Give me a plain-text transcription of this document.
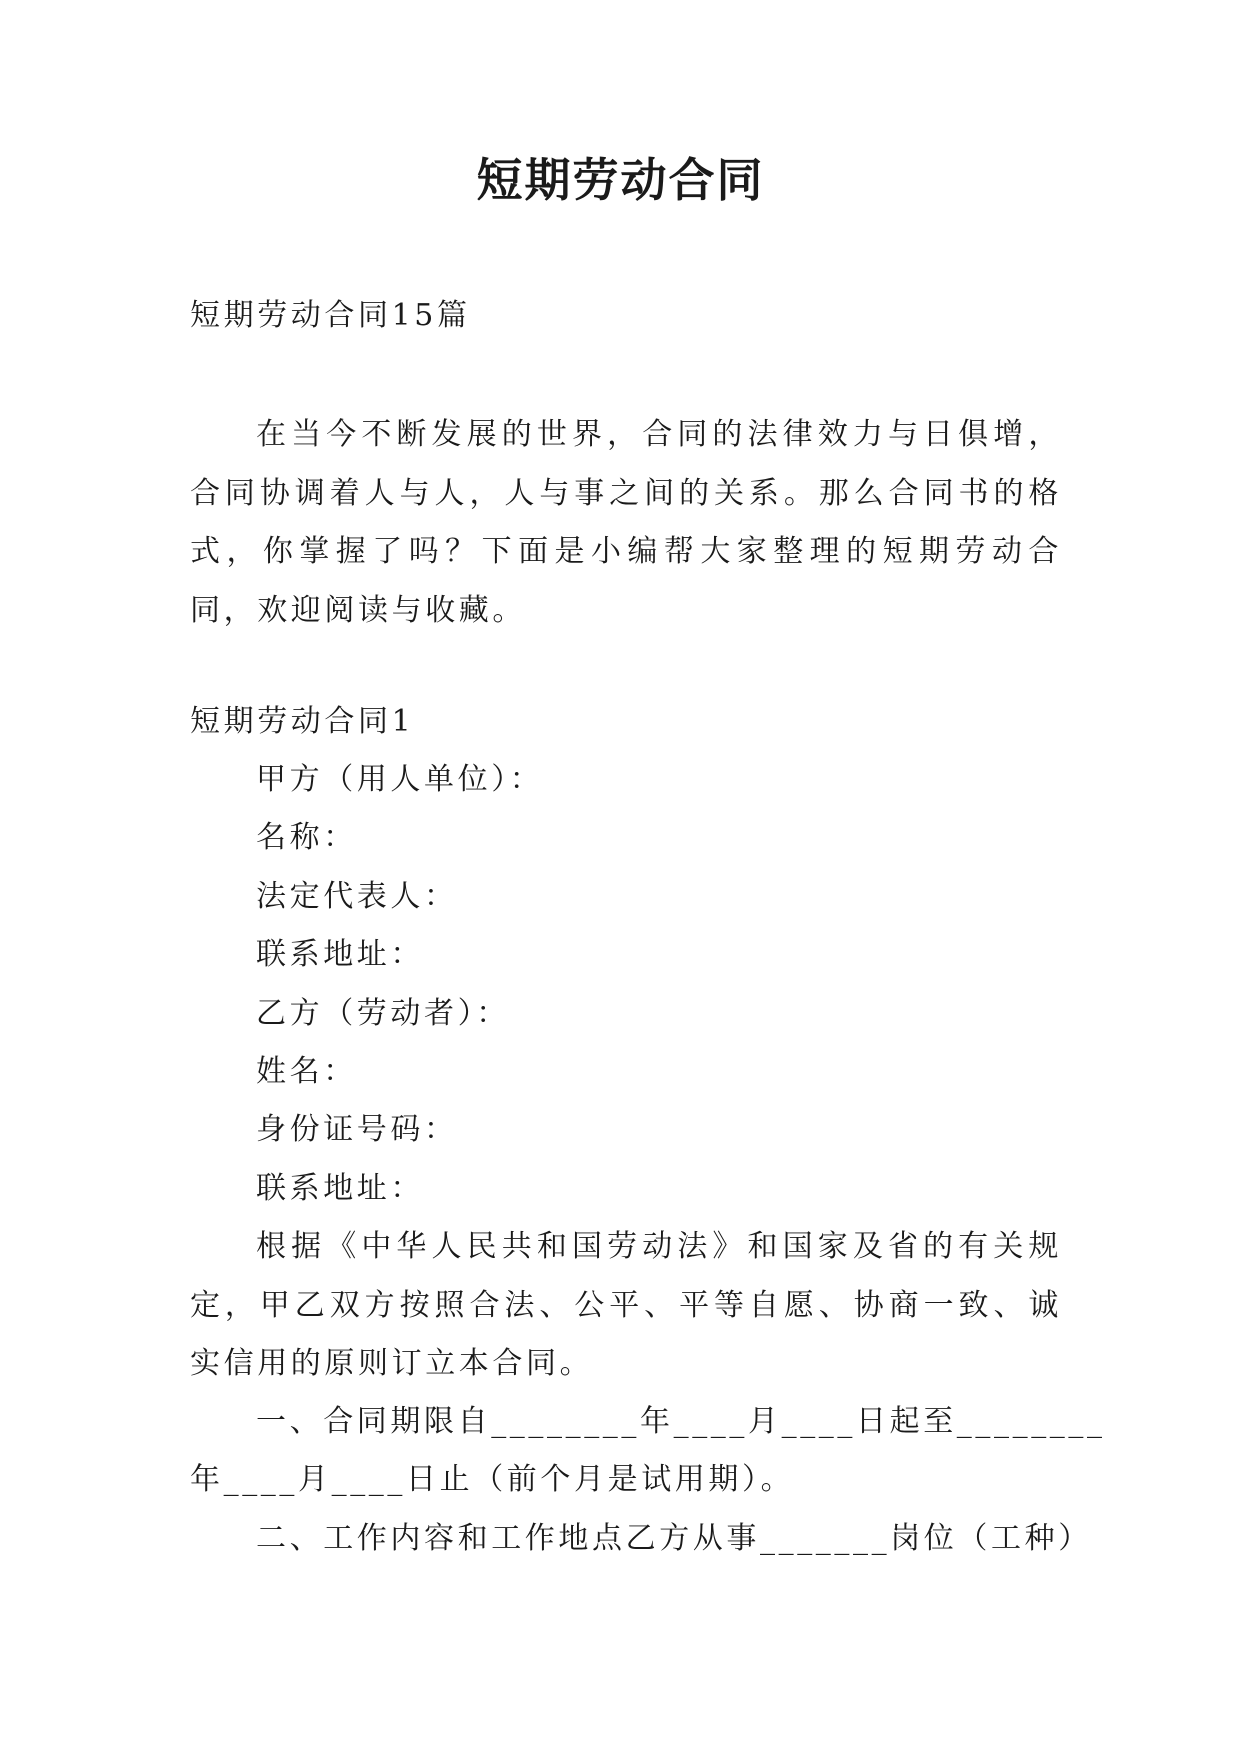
短期劳动合同
短期劳动合同15篇
在当今不断发展的世界，合同的法律效力与日俱增，合同协调着人与人，人与事之间的关系。那么合同书的格式，你掌握了吗？下面是小编帮大家整理的短期劳动合同，欢迎阅读与收藏。
短期劳动合同1
甲方（用人单位）：
名称：
法定代表人：
联系地址：
乙方（劳动者）：
姓名：
身份证号码：
联系地址：
根据《中华人民共和国劳动法》和国家及省的有关规定，甲乙双方按照合法、公平、平等自愿、协商一致、诚实信用的原则订立本合同。
一、合同期限自________年____月____日起至________
年____月____日止（前个月是试用期）。
二、工作内容和工作地点乙方从事_______岗位（工种）
